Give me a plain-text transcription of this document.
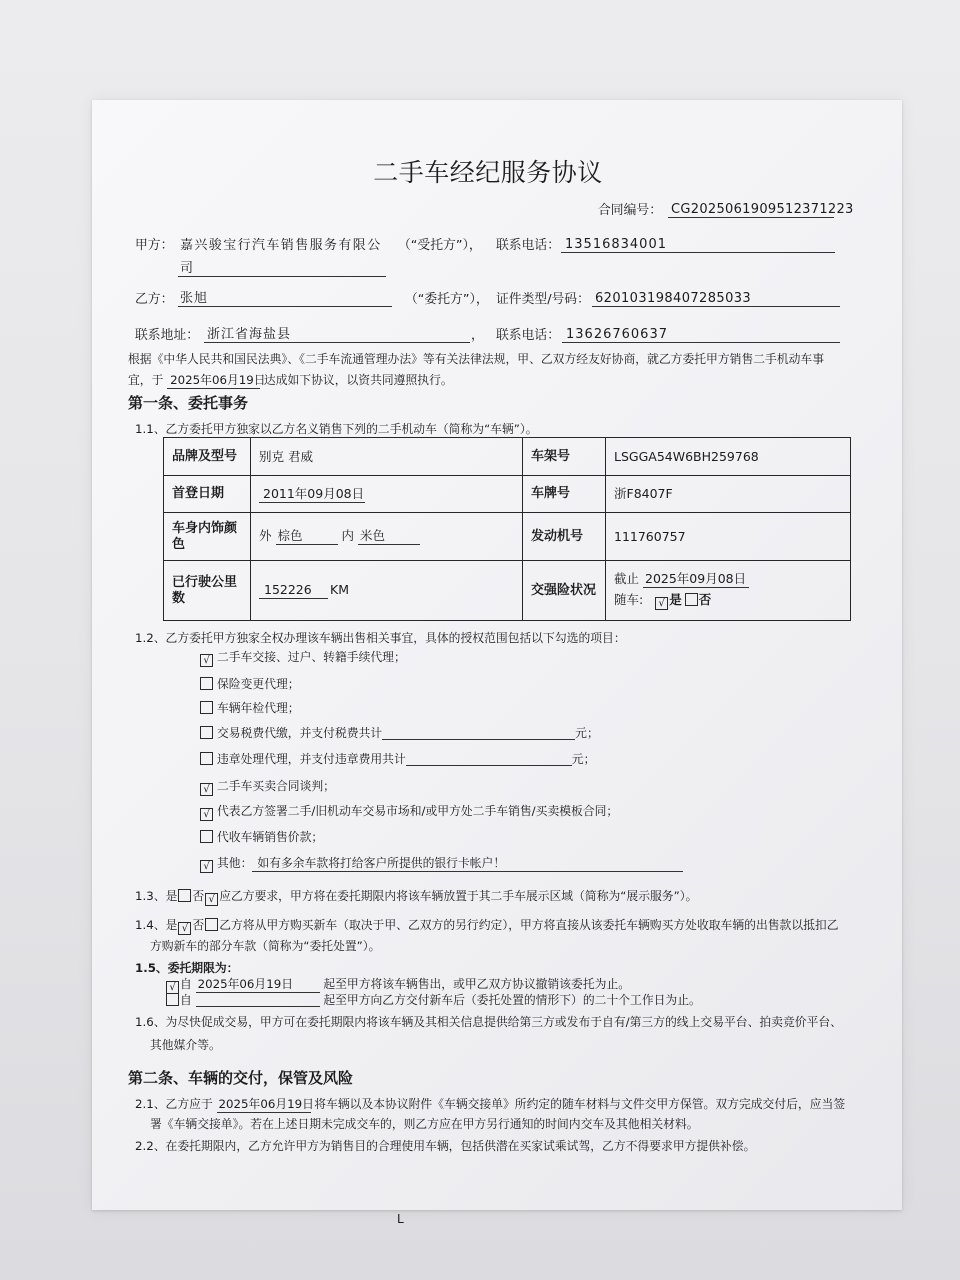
二手车经纪服务协议
合同编号： CG2025061909512371223
甲方： 嘉兴骏宝行汽车销售服务有限公 （“受托方”）， 联系电话： 13516834001
司
乙方： 张旭	（“委托方”）， 证件类型/号码： 620103198407285033
联系地址： 浙江省海盐县	， 联系电话： 13626760637
根据《中华人民共和国民法典》、《二手车流通管理办法》等有关法律法规，甲、乙双方经友好协商，就乙方委托甲方销售二手机动车事
宜，于 2025年06月19日 达成如下协议，以资共同遵照执行。
第一条、委托事务
1.1、乙方委托甲方独家以乙方名义销售下列的二手机动车（简称为“车辆”）。
品牌及型号	别克 君威	车架号	LSGGA54W6BH259768
首登日期	2011年09月08日	车牌号	浙F8407F
车身内饰颜色	外 棕色 内 米色	发动机号	111760757
已行驶公里数	152226 KM	交强险状况	截止 2025年09月08日
随车: √ 是 否
1.2、乙方委托甲方独家全权办理该车辆出售相关事宜，具体的授权范围包括以下勾选的项目：
√ 二手车交接、过户、转籍手续代理；
保险变更代理；
车辆年检代理；
交易税费代缴，并支付税费共计	元；
违章处理代理，并支付违章费用共计	元；
√ 二手车买卖合同谈判；
√ 代表乙方签署二手/旧机动车交易市场和/或甲方处二手车销售/买卖模板合同；
代收车辆销售价款；
√ 其他： 如有多余车款将打给客户所提供的银行卡帐户！
1.3、是 否 √ 应乙方要求，甲方将在委托期限内将该车辆放置于其二手车展示区域（简称为“展示服务”）。
1.4、是 √ 否 乙方将从甲方购买新车（取决于甲、乙双方的另行约定），甲方将直接从该委托车辆购买方处收取车辆的出售款以抵扣乙
方购新车的部分车款（简称为“委托处置”）。
1.5、委托期限为：
√ 自 2025年06月19日	起至甲方将该车辆售出，或甲乙双方协议撤销该委托为止。
自	起至甲方向乙方交付新车后（委托处置的情形下）的二十个工作日为止。
1.6、为尽快促成交易，甲方可在委托期限内将该车辆及其相关信息提供给第三方或发布于自有/第三方的线上交易平台、拍卖竞价平台、
其他媒介等。
第二条、车辆的交付，保管及风险
2.1、乙方应于 2025年06月19日 将车辆以及本协议附件《车辆交接单》所约定的随车材料与文件交甲方保管。双方完成交付后，应当签
署《车辆交接单》。若在上述日期未完成交车的，则乙方应在甲方另行通知的时间内交车及其他相关材料。
2.2、在委托期限内，乙方允许甲方为销售目的合理使用车辆，包括供潜在买家试乘试驾，乙方不得要求甲方提供补偿。
L
